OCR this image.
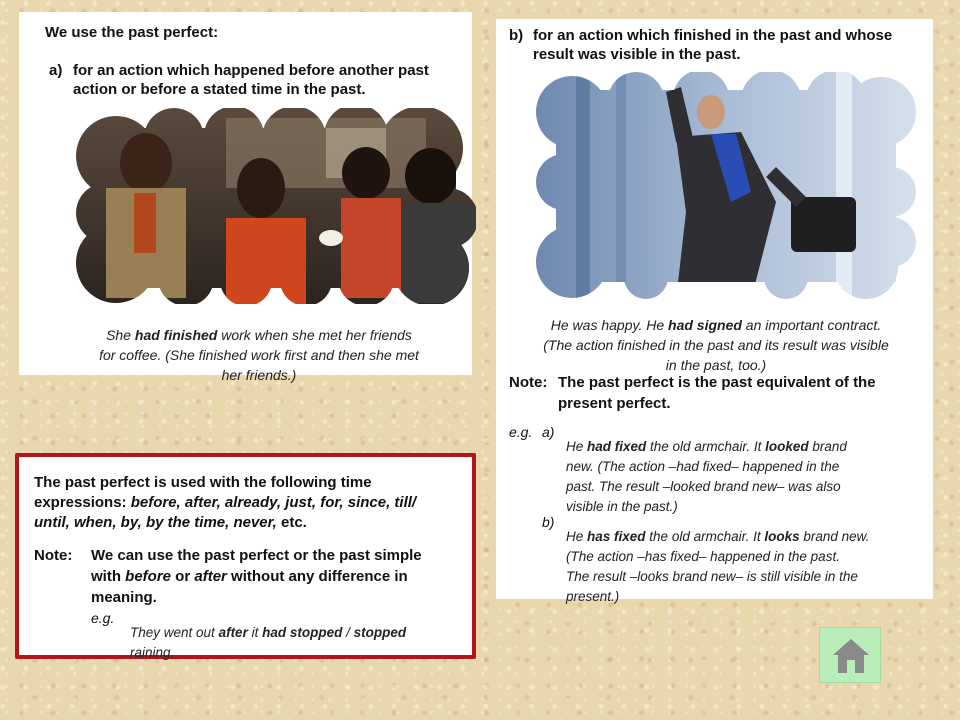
We use the past perfect:

a) for an action which happened before another past

action or before a stated time in the past.

She had finished work when she met her friends
for coffee. (She finished work first and then she met
her friends.)

b) for an action which finished in the past and whose

result was visible in the past.

He was happy. He had signed an important contract.
(The action finished in the past and its result was visible
in the past, too.)

Note: The past perfect is the past equivalent of the

present perfect.

e.g. a)

He had fixed the old armchair. It looked brand
new. (The action –had fixed– happened in the
past. The result –looked brand new– was also
visible in the past.)

b)

He has fixed the old armchair. It looks brand new.
(The action –has fixed– happened in the past.
The result –looks brand new– is still visible in the
present.)

The past perfect is used with the following time

expressions: before, after, already, just, for, since, till/

until, when, by, by the time, never, etc.

Note: We can use the past perfect or the past simple

with before or after without any difference in

meaning.

e.g.

They went out after it had stopped / stopped
raining.
